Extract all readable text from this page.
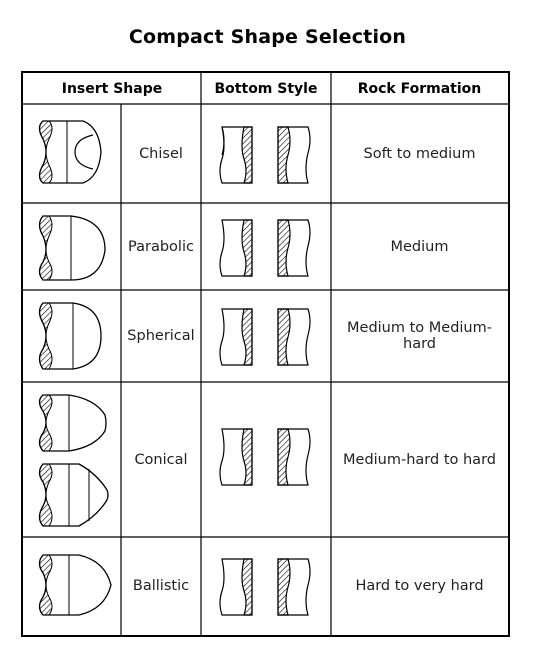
Compact Shape Selection
Insert Shape	Bottom Style	Rock Formation
Chisel
Parabolic
Spherical
Conical
Ballistic
Soft to medium
Medium
Medium to Medium-hard
Medium-hard to hard
Hard to very hard
